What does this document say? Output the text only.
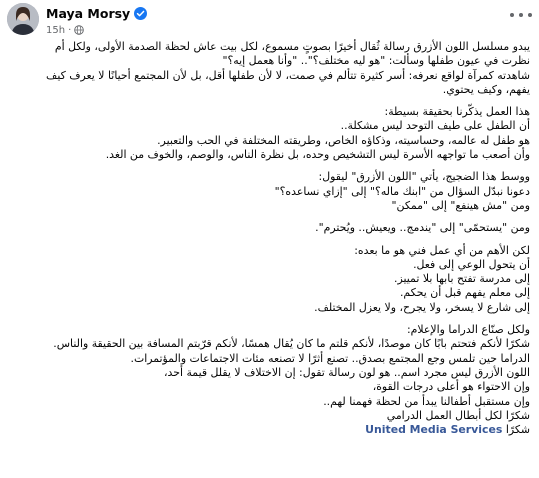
Maya Morsy
15h ·
يبدو مسلسل اللون الأزرق رسالة ثُقال أخيرًا بصوتٍ مسموع، لكل بيت عاش لحظة الصدمة الأولى، ولكل أم
نظرت في عيون طفلها وسألت: "هو ليه مختلف؟".. "وأنا هعمل إيه؟"
شاهدته كمرآة لواقع نعرفه: أسر كثيرة تتألم في صمت، لا لأن طفلها أقل، بل لأن المجتمع أحيانًا لا يعرف كيف
يفهم، وكيف يحتوي.
هذا العمل يذكّرنا بحقيقة بسيطة:
أن الطفل على طيف التوحد ليس مشكلة..
هو طفل له عالمه، وحساسيته، وذكاؤه الخاص، وطريقته المختلفة في الحب والتعبير.
وأن أصعب ما تواجهه الأسرة ليس التشخيص وحده، بل نظرة الناس، والوصم، والخوف من الغد.
ووسط هذا الضجيج، يأتي "اللون الأزرق" ليقول:
دعونا نبدّل السؤال من "ابنك ماله؟" إلى "إزاي نساعده؟"
ومن "مش هينفع" إلى "ممكن"
ومن "يستحمّى" إلى "يندمج.. ويعيش.. ويُحترم".
لكن الأهم من أي عمل فني هو ما بعده:
أن يتحول الوعي إلى فعل.
إلى مدرسة تفتح بابها بلا تمييز.
إلى معلم يفهم قبل أن يحكم.
إلى شارع لا يسخر، ولا يجرح، ولا يعزل المختلف.
ولكل صنّاع الدراما والإعلام:
شكرًا لأنكم فتحتم بابًا كان موصدًا، لأنكم قلتم ما كان يُقال همسًا، لأنكم قرّبتم المسافة بين الحقيقة والناس.
الدراما حين تلمس وجع المجتمع بصدق.. تصنع أثرًا لا تصنعه مئات الاجتماعات والمؤتمرات.
اللون الأزرق ليس مجرد اسم.. هو لون رسالة تقول: إن الاختلاف لا يقلل قيمة أحد،
وإن الاحتواء هو أعلى درجات القوة،
وإن مستقبل أطفالنا يبدأ من لحظة فهمنا لهم..
شكرًا لكل أبطال العمل الدرامي
United Media Services شكرًا
